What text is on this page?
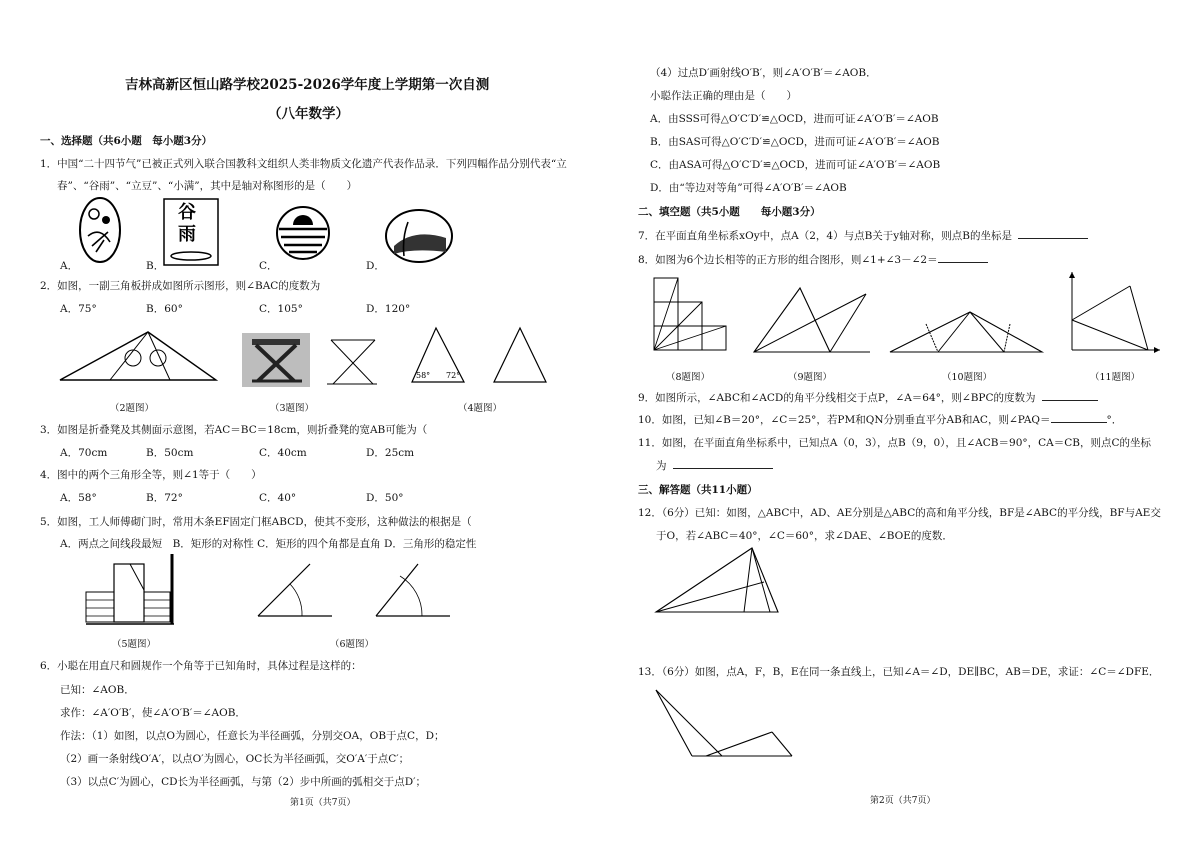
吉林高新区恒山路学校2025-2026学年度上学期第一次自测
（八年数学）
一、选择题（共6小题　每小题3分）
1．中国“二十四节气”已被正式列入联合国教科文组织人类非物质文化遗产代表作品录．下列四幅作品分别代表“立
春”、“谷雨”、“立豆”、“小满”，其中是轴对称图形的是（　　）
谷
雨
A．	B．	C．	D．
2．如图，一副三角板拼成如图所示图形，则∠BAC的度数为
A．75°	B．60°	C．105°	D．120°
（2题图）	（3题图）
58° 72°
（4题图）
3．如图是折叠凳及其侧面示意图，若AC＝BC＝18cm，则折叠凳的宽AB可能为（
A．70cm	B．50cm	C．40cm	D．25cm
4．图中的两个三角形全等，则∠1等于（　　）
A．58°	B．72°	C．40°	D．50°
5．如图，工人师傅砌门时，常用木条EF固定门框ABCD，使其不变形，这种做法的根据是（
A．两点之间线段最短　B．矩形的对称性 C．矩形的四个角都是直角 D．三角形的稳定性
（5题图）	（6题图）
6．小聪在用直尺和圆规作一个角等于已知角时，具体过程是这样的：
已知：∠AOB．
求作：∠A′O′B′，使∠A′O′B′＝∠AOB．
作法：（1）如图，以点O为圆心，任意长为半径画弧，分别交OA，OB于点C，D；
（2）画一条射线O′A′，以点O′为圆心，OC长为半径画弧，交O′A′于点C′；
（3）以点C′为圆心，CD长为半径画弧，与第（2）步中所画的弧相交于点D′；
第1页（共7页）
（4）过点D′画射线O′B′，则∠A′O′B′＝∠AOB．
小聪作法正确的理由是（　　）
A．由SSS可得△O′C′D′≌△OCD，进而可证∠A′O′B′＝∠AOB
B．由SAS可得△O′C′D′≌△OCD，进而可证∠A′O′B′＝∠AOB
C．由ASA可得△O′C′D′≌△OCD，进而可证∠A′O′B′＝∠AOB
D．由“等边对等角”可得∠A′O′B′＝∠AOB
二、填空题（共5小题　　每小题3分）
7．在平面直角坐标系xOy中，点A（2，4）与点B关于y轴对称，则点B的坐标是
8．如图为6个边长相等的正方形的组合图形，则∠1+∠3－∠2＝
（8题图）	（9题图）	（10题图）	（11题图）
9．如图所示，∠ABC和∠ACD的角平分线相交于点P，∠A＝64°，则∠BPC的度数为
10．如图，已知∠B＝20°，∠C＝25°，若PM和QN分别垂直平分AB和AC，则∠PAQ＝	°．
11．如图，在平面直角坐标系中，已知点A（0，3），点B（9，0），且∠ACB＝90°，CA＝CB，则点C的坐标
为
三、解答题（共11小题）
12．（6分）已知：如图，△ABC中，AD、AE分别是△ABC的高和角平分线，BF是∠ABC的平分线，BF与AE交
于O，若∠ABC＝40°，∠C＝60°，求∠DAE、∠BOE的度数．
13．（6分）如图，点A，F，B，E在同一条直线上，已知∠A＝∠D，DE∥BC，AB＝DE，求证：∠C＝∠DFE．
第2页（共7页）
